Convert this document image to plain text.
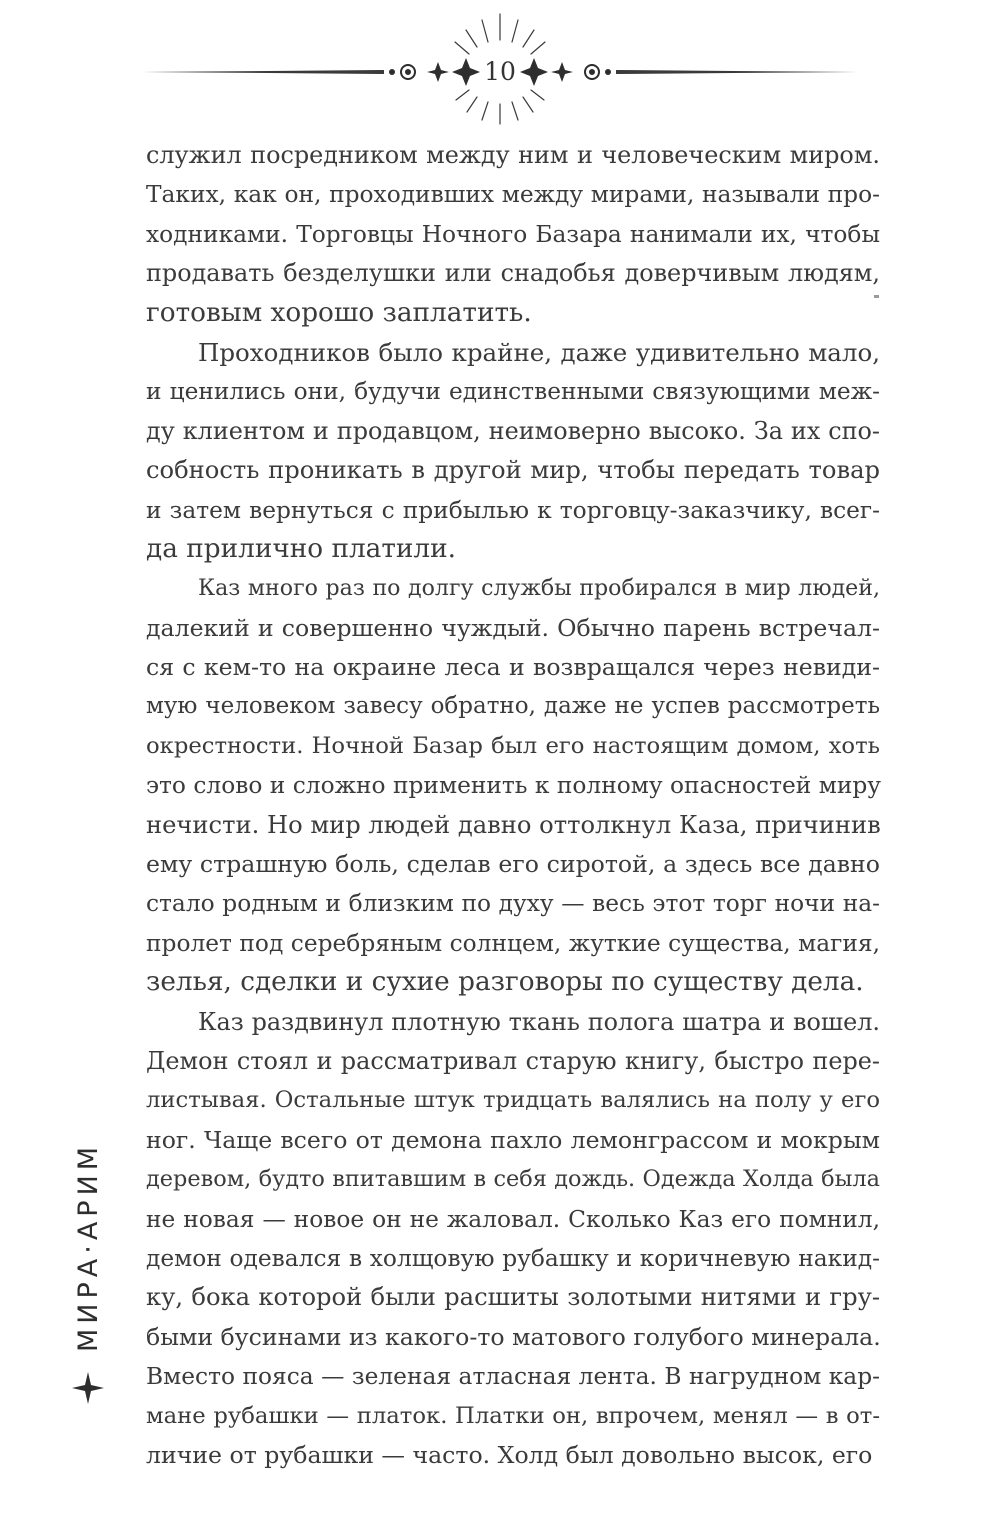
10
служил посредником между ним и человеческим миром.
Таких, как он, проходивших между мирами, называли про-
ходниками. Торговцы Ночного Базара нанимали их, чтобы
продавать безделушки или снадобья доверчивым людям,
готовым хорошо заплатить.
Проходников было крайне, даже удивительно мало,
и ценились они, будучи единственными связующими меж-
ду клиентом и продавцом, неимоверно высоко. За их спо-
собность проникать в другой мир, чтобы передать товар
и затем вернуться с прибылью к торговцу-заказчику, всег-
да прилично платили.
Каз много раз по долгу службы пробирался в мир людей,
далекий и совершенно чуждый. Обычно парень встречал-
ся с кем-то на окраине леса и возвращался через невиди-
мую человеком завесу обратно, даже не успев рассмотреть
окрестности. Ночной Базар был его настоящим домом, хоть
это слово и сложно применить к полному опасностей миру
нечисти. Но мир людей давно оттолкнул Каза, причинив
ему страшную боль, сделав его сиротой, а здесь все давно
стало родным и близким по духу — весь этот торг ночи на-
пролет под серебряным солнцем, жуткие существа, магия,
зелья, сделки и сухие разговоры по существу дела.
Каз раздвинул плотную ткань полога шатра и вошел.
Демон стоял и рассматривал старую книгу, быстро пере-
листывая. Остальные штук тридцать валялись на полу у его
ног. Чаще всего от демона пахло лемонграссом и мокрым
деревом, будто впитавшим в себя дождь. Одежда Холда была
не новая — новое он не жаловал. Сколько Каз его помнил,
демон одевался в холщовую рубашку и коричневую накид-
ку, бока которой были расшиты золотыми нитями и гру-
быми бусинами из какого-то матового голубого минерала.
Вместо пояса — зеленая атласная лента. В нагрудном кар-
мане рубашки — платок. Платки он, впрочем, менял — в от-
личие от рубашки — часто. Холд был довольно высок, его
МИРА·АРИМ
